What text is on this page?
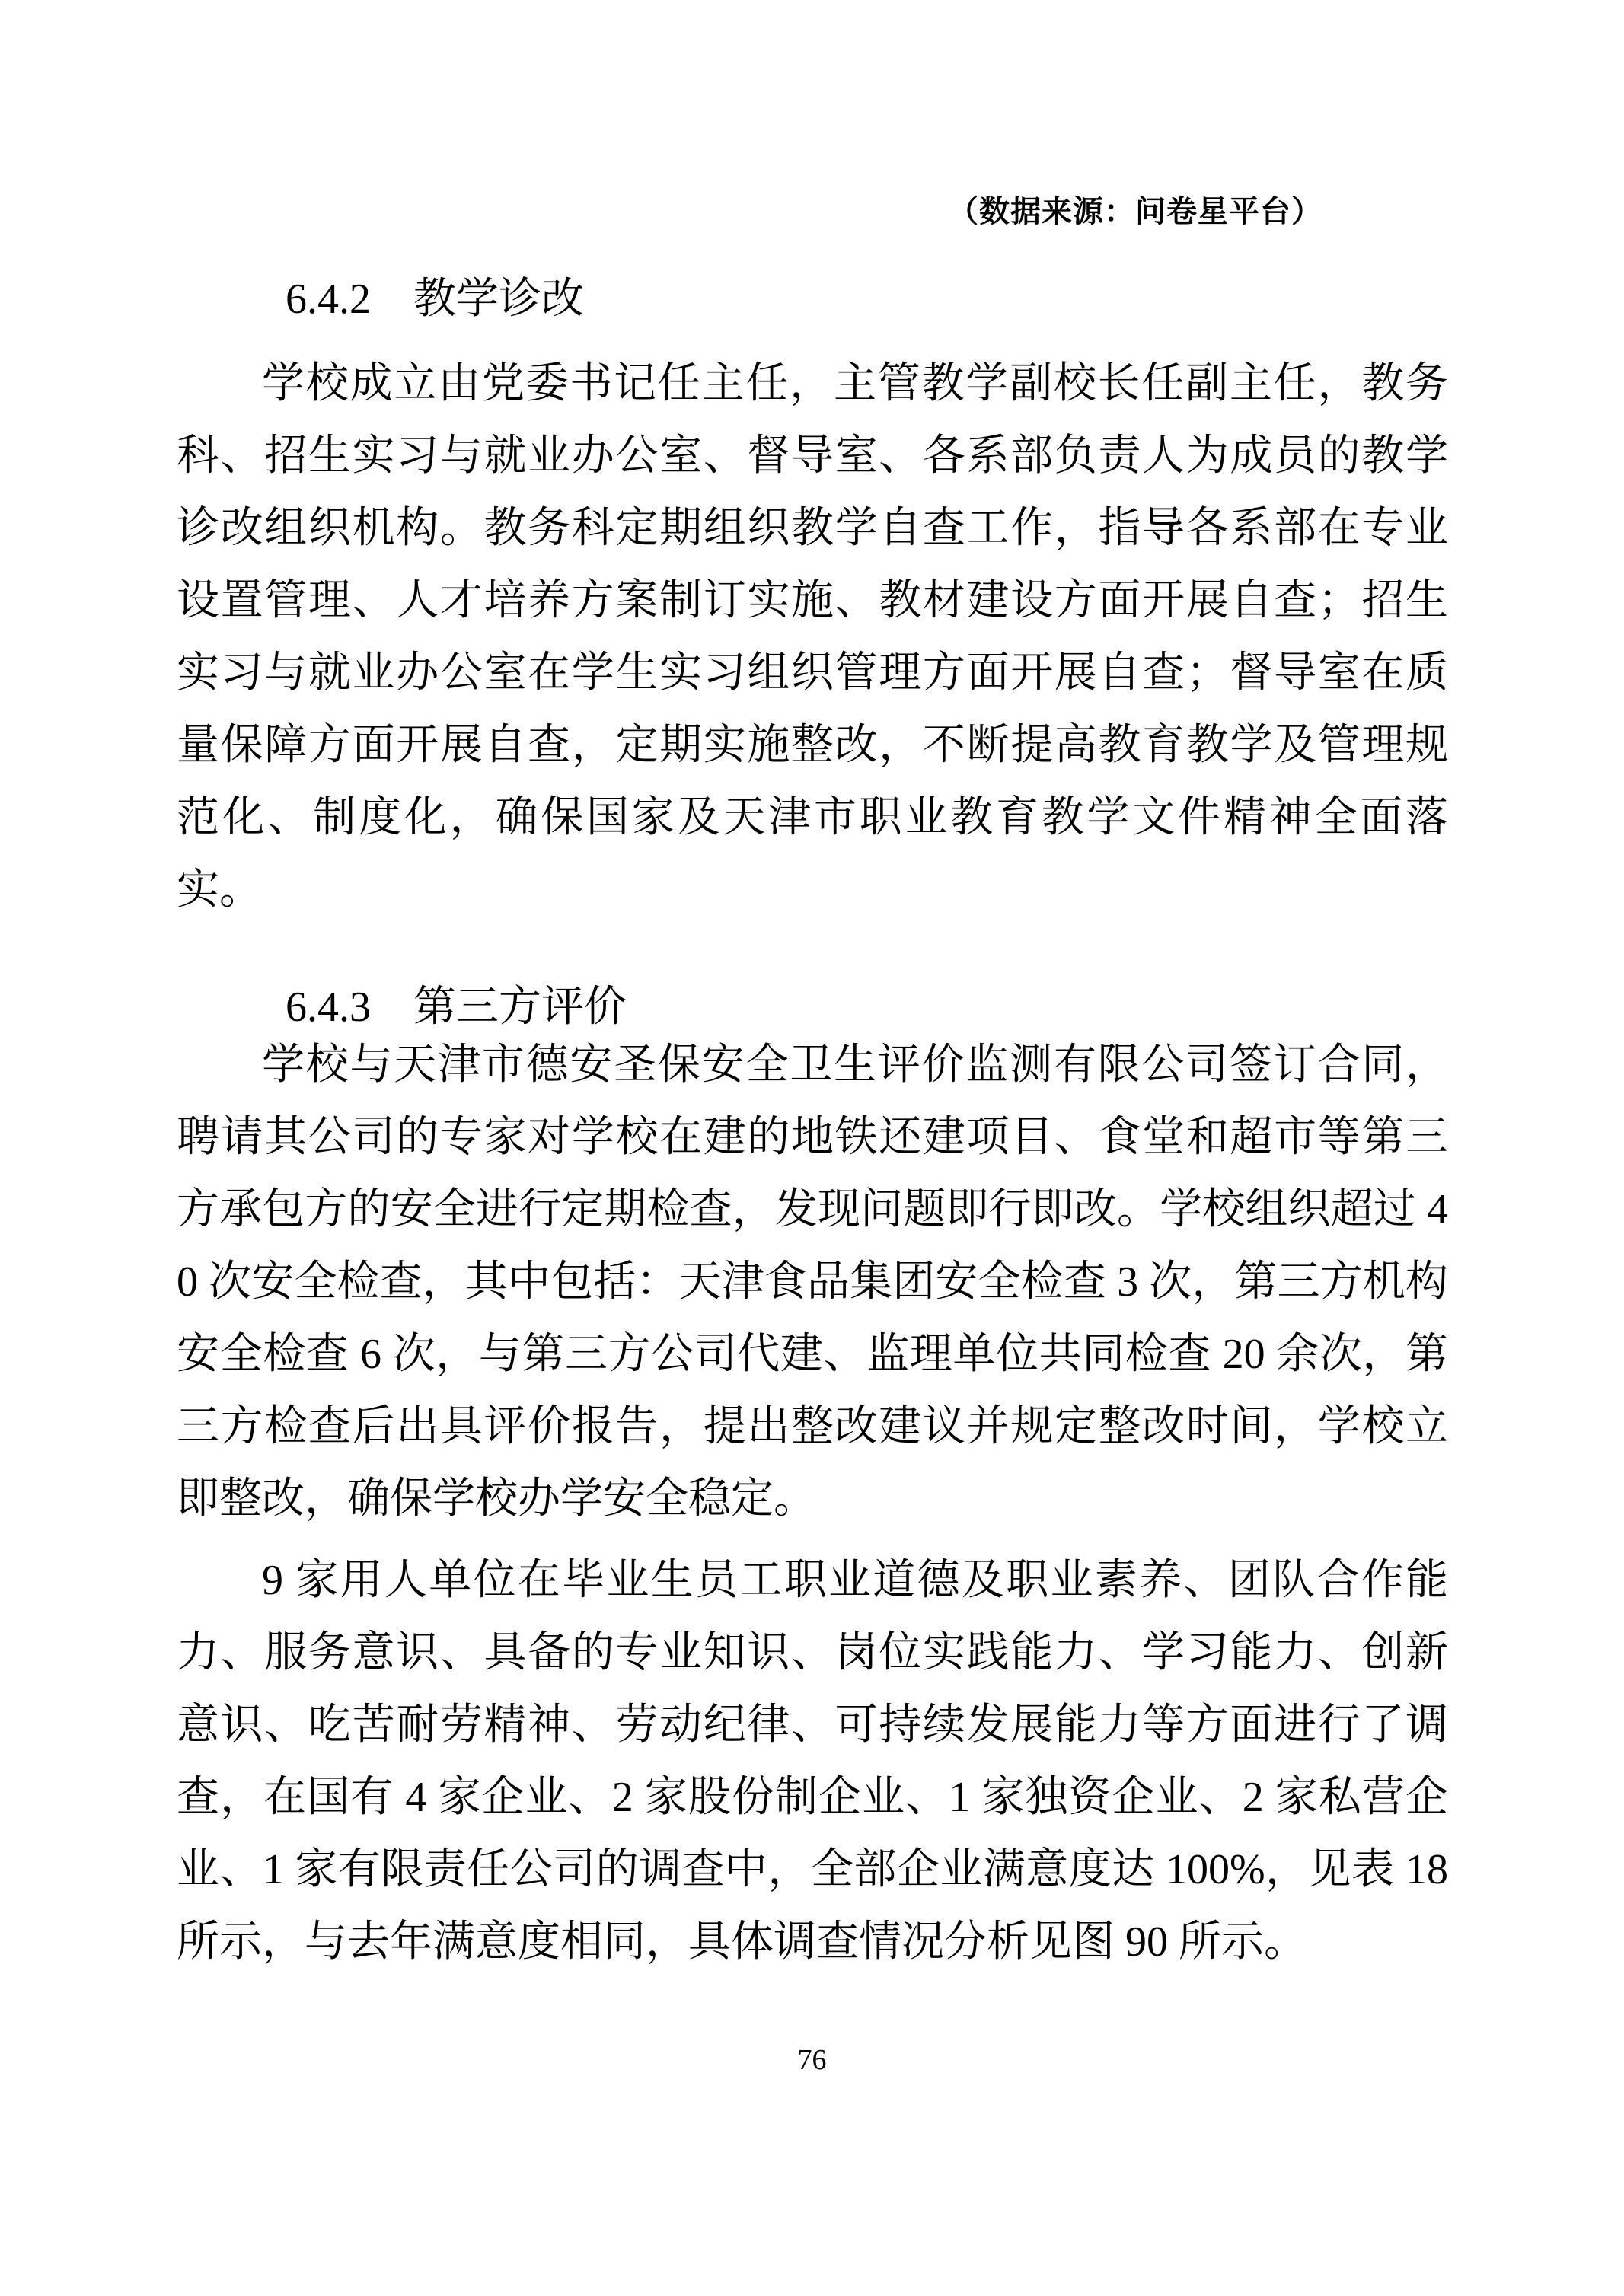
（数据来源：问卷星平台）
6.4.2 教学诊改

学校成立由党委书记任主任，主管教学副校长任副主任，教务科、招生实习与就业办公室、督导室、各系部负责人为成员的教学诊改组织机构。教务科定期组织教学自查工作，指导各系部在专业设置管理、人才培养方案制订实施、教材建设方面开展自查；招生实习与就业办公室在学生实习组织管理方面开展自查；督导室在质量保障方面开展自查，定期实施整改，不断提高教育教学及管理规范化、制度化，确保国家及天津市职业教育教学文件精神全面落实。

6.4.3 第三方评价

学校与天津市德安圣保安全卫生评价监测有限公司签订合同，聘请其公司的专家对学校在建的地铁还建项目、食堂和超市等第三方承包方的安全进行定期检查，发现问题即行即改。学校组织超过 40 次安全检查，其中包括：天津食品集团安全检查 3 次，第三方机构安全检查 6 次，与第三方公司代建、监理单位共同检查 20 余次，第三方检查后出具评价报告，提出整改建议并规定整改时间，学校立即整改，确保学校办学安全稳定。

9 家用人单位在毕业生员工职业道德及职业素养、团队合作能力、服务意识、具备的专业知识、岗位实践能力、学习能力、创新意识、吃苦耐劳精神、劳动纪律、可持续发展能力等方面进行了调查，在国有 4 家企业、2 家股份制企业、1 家独资企业、2 家私营企业、1 家有限责任公司的调查中，全部企业满意度达 100%，见表 18 所示，与去年满意度相同，具体调查情况分析见图 90 所示。

76
